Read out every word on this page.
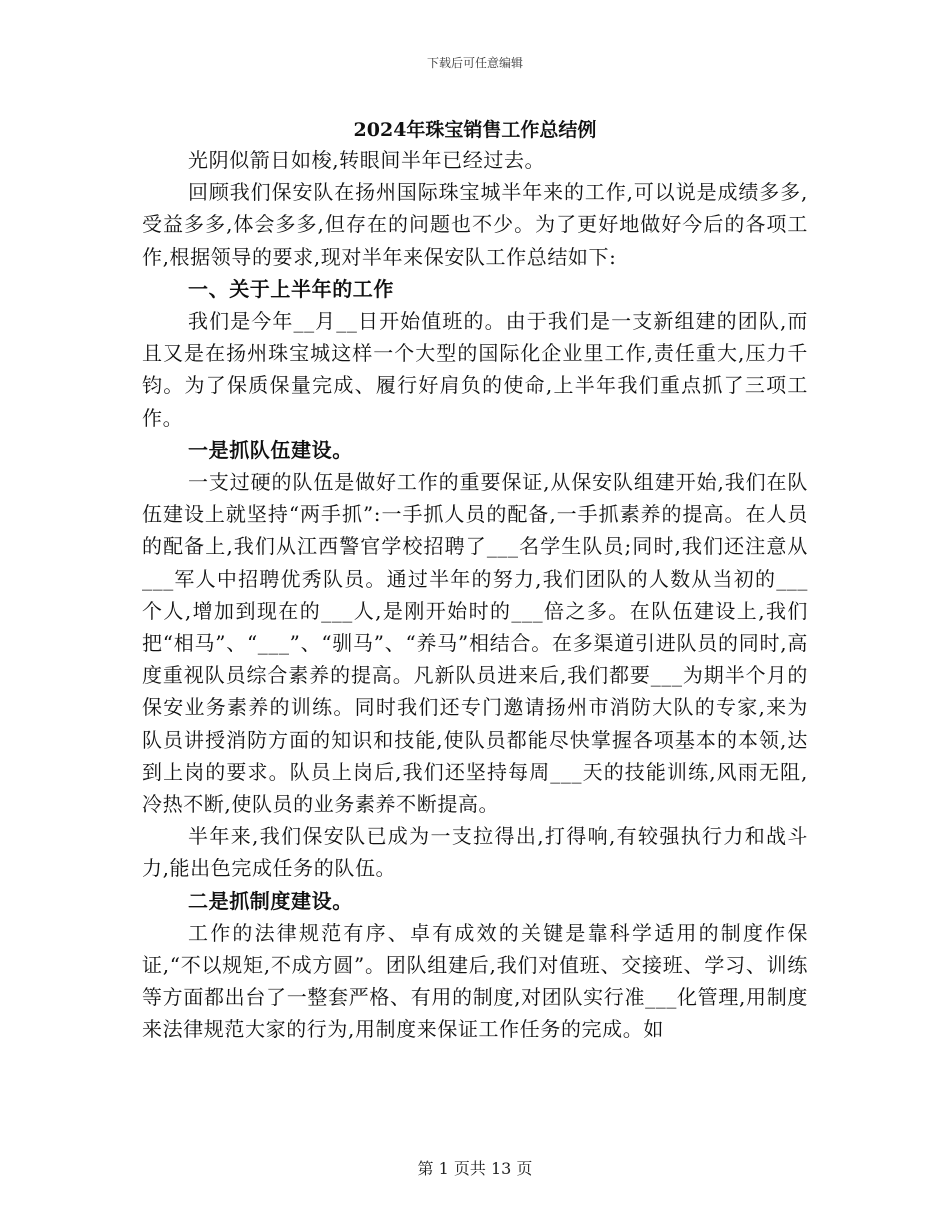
下载后可任意编辑
2024年珠宝销售工作总结例

光阴似箭日如梭,转眼间半年已经过去。

回顾我们保安队在扬州国际珠宝城半年来的工作,可以说是成绩多多,受益多多,体会多多,但存在的问题也不少。为了更好地做好今后的各项工作,根据领导的要求,现对半年来保安队工作总结如下:

一、关于上半年的工作

我们是今年__月__日开始值班的。由于我们是一支新组建的团队,而且又是在扬州珠宝城这样一个大型的国际化企业里工作,责任重大,压力千钧。为了保质保量完成、履行好肩负的使命,上半年我们重点抓了三项工作。

一是抓队伍建设。

一支过硬的队伍是做好工作的重要保证,从保安队组建开始,我们在队伍建设上就坚持“两手抓”:一手抓人员的配备,一手抓素养的提高。在人员的配备上,我们从江西警官学校招聘了___名学生队员;同时,我们还注意从___军人中招聘优秀队员。通过半年的努力,我们团队的人数从当初的___个人,增加到现在的___人,是刚开始时的___倍之多。在队伍建设上,我们把“相马”、“___”、“驯马”、“养马”相结合。在多渠道引进队员的同时,高度重视队员综合素养的提高。凡新队员进来后,我们都要___为期半个月的保安业务素养的训练。同时我们还专门邀请扬州市消防大队的专家,来为队员讲授消防方面的知识和技能,使队员都能尽快掌握各项基本的本领,达到上岗的要求。队员上岗后,我们还坚持每周___天的技能训练,风雨无阻,冷热不断,使队员的业务素养不断提高。

半年来,我们保安队已成为一支拉得出,打得响,有较强执行力和战斗力,能出色完成任务的队伍。

二是抓制度建设。

工作的法律规范有序、卓有成效的关键是靠科学适用的制度作保证,“不以规矩,不成方圆”。团队组建后,我们对值班、交接班、学习、训练等方面都出台了一整套严格、有用的制度,对团队实行准___化管理,用制度来法律规范大家的行为,用制度来保证工作任务的完成。如

第 1 页共 13 页
